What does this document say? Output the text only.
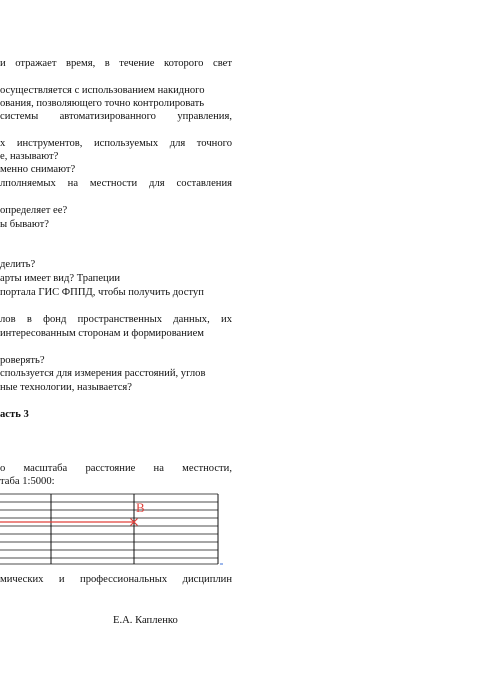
и отражает время, в течение которого свет
осуществляется с использованием накидного
ования, позволяющего точно контролировать
системы автоматизированного управления,
х инструментов, используемых для точного
е, называют?
менно снимают?
лполняемых на местности для составления
определяет ее?
ы бывают?
делить?
арты имеет вид? Трапеции
портала ГИС ФППД, чтобы получить доступ
лов в фонд пространственных данных, их
интересованным сторонам и формированием
роверять?
спользуется для измерения расстояний, углов
ные технологии, называется?
о масштаба расстояние на местности,
таба 1:5000:
мических и профессиональных дисциплин
асть 3
В
Е.А. Капленко
